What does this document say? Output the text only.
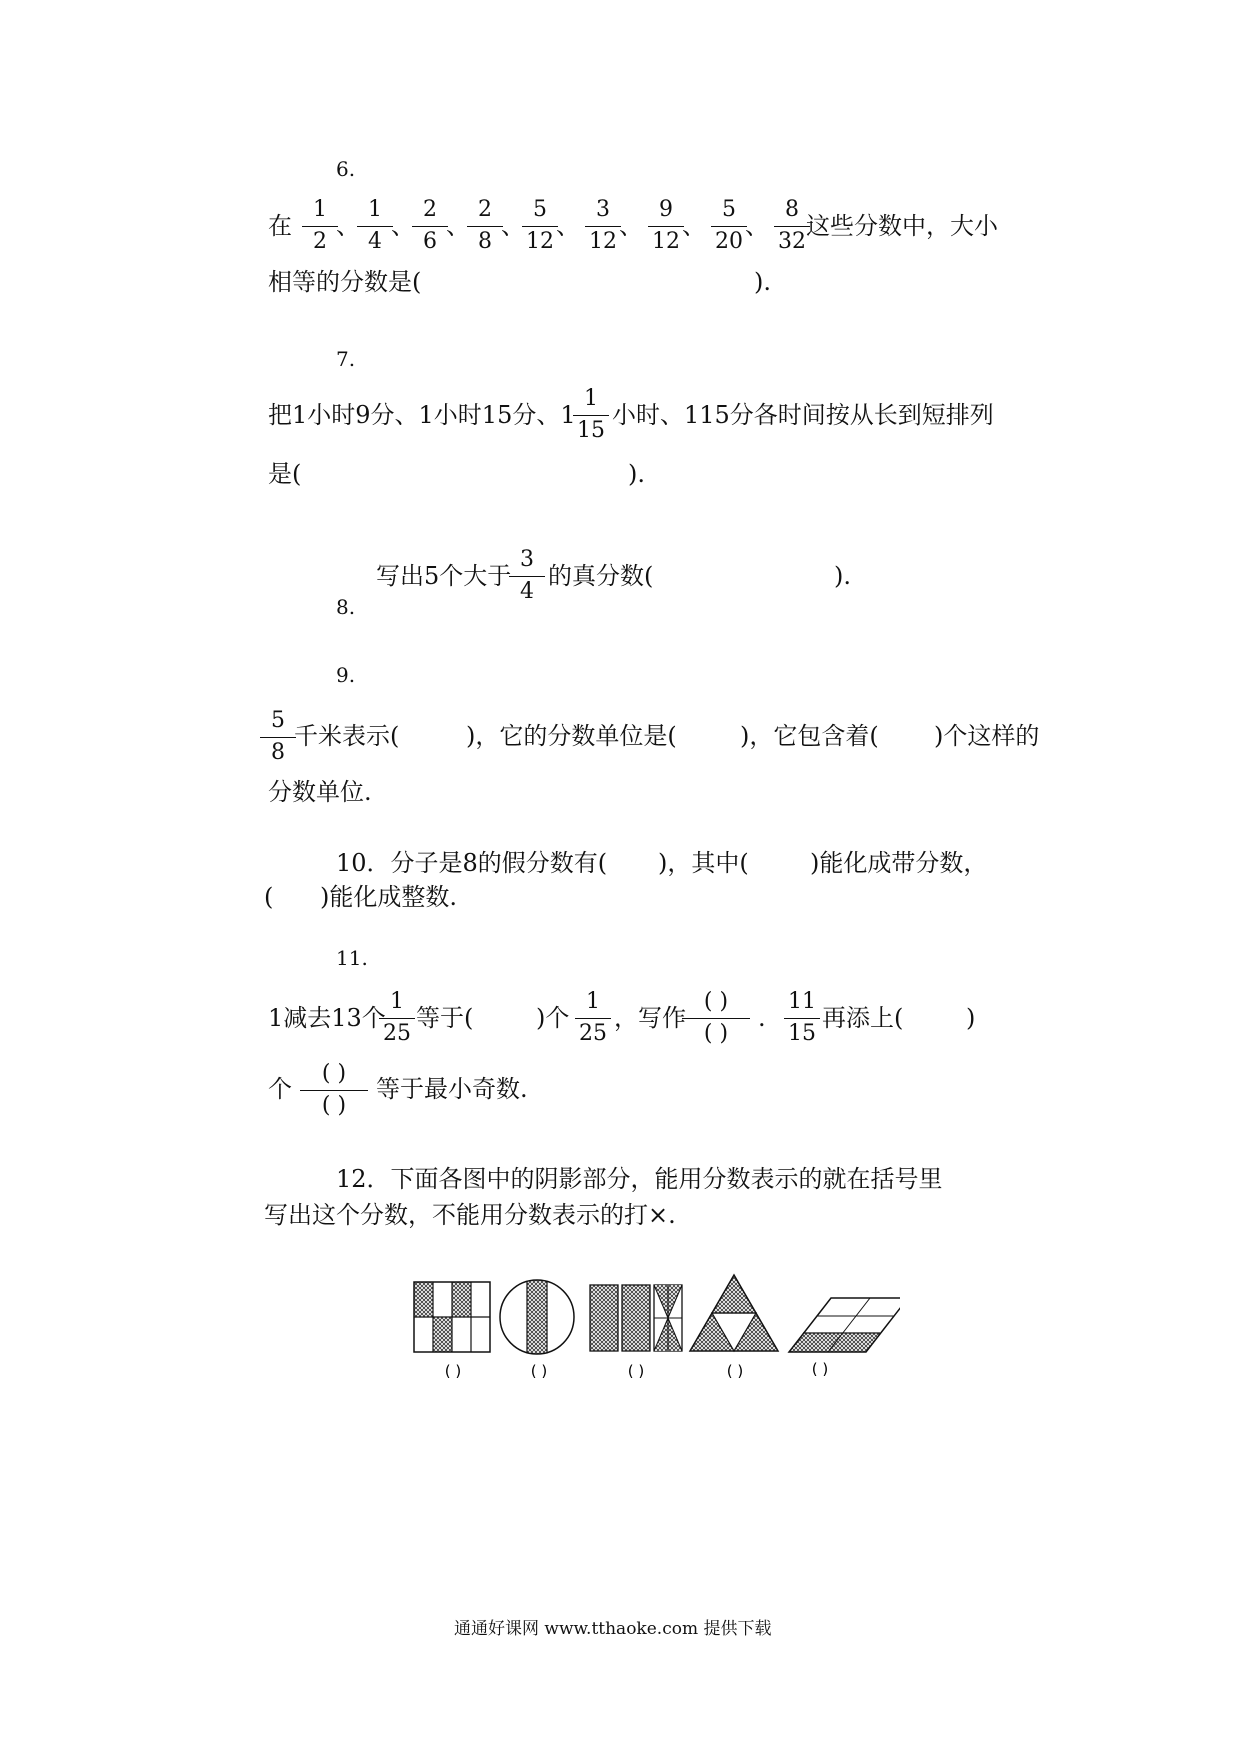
6.
在
1
2
、
1
4
、
2
6
、
2
8
、
5
12
、
3
12
、
9
12
、
5
20
、
8
32
这些分数中，大小
相等的分数是(	).
7.
把1小时9分、1小时15分、1
1
15
小时、115分各时间按从长到短排列
是(	).
写出5个大于
3
4
的真分数(	).
8.
9.
5
8
千米表示(	)，它的分数单位是(	)，它包含着( )个这样的
分数单位.
10．分子是8的假分数有( )，其中(	)能化成带分数，
( )能化成整数.
11.
1减去13个
1
25
等于(	)个
1
25
，写作
( )
( )
.
11
15
再添上(	)
个
( )
( )
等于最小奇数.
12．下面各图中的阴影部分，能用分数表示的就在括号里
写出这个分数，不能用分数表示的打×.
( )	( )	( )	( )	( )
通通好课网 www.tthaoke.com 提供下载
